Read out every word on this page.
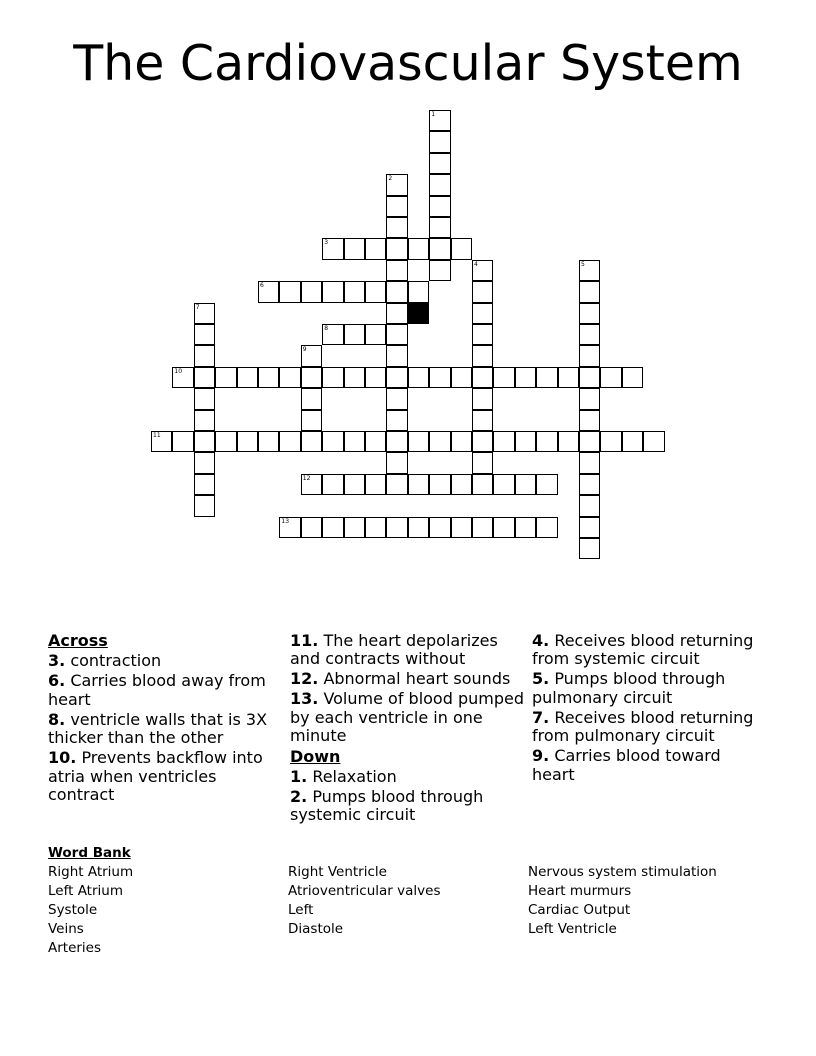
The Cardiovascular System
1
2
3
4	5
6
7
8
9
10
11
12
13
Across
3. contraction
6. Carries blood away from heart
8. ventricle walls that is 3X thicker than the other
10. Prevents backflow into atria when ventricles contract
11. The heart depolarizes and contracts without
12. Abnormal heart sounds
13. Volume of blood pumped by each ventricle in one minute
Down
1. Relaxation
2. Pumps blood through systemic circuit
4. Receives blood returning from systemic circuit
5. Pumps blood through pulmonary circuit
7. Receives blood returning from pulmonary circuit
9. Carries blood toward heart
Word Bank
Right Atrium
Left Atrium
Systole
Veins
Arteries
Right Ventricle
Atrioventricular valves
Left
Diastole
Nervous system stimulation
Heart murmurs
Cardiac Output
Left Ventricle
